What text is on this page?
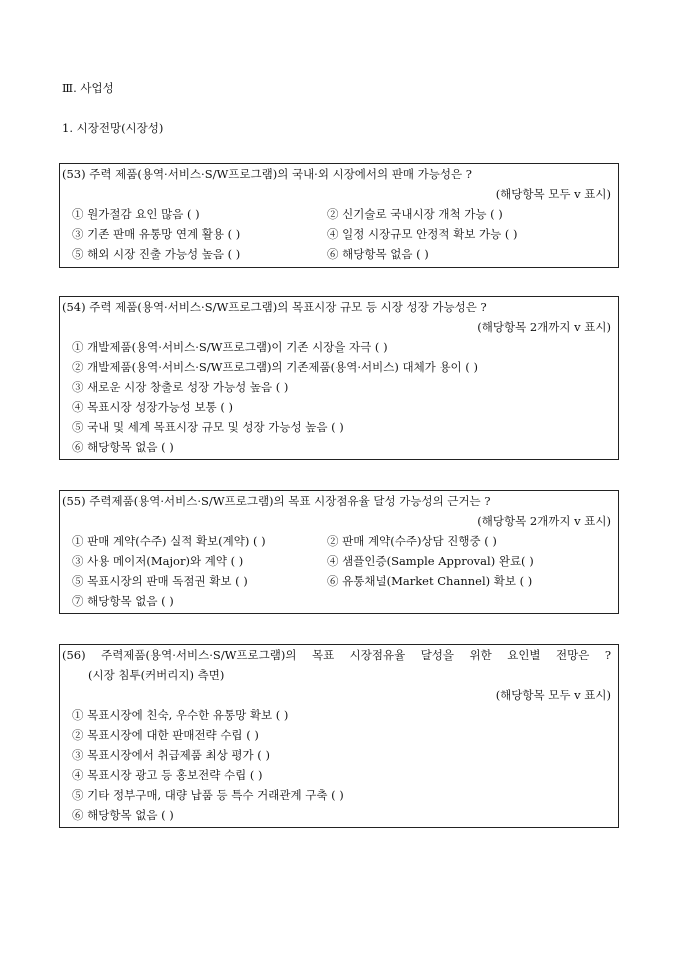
Ⅲ. 사업성
1. 시장전망(시장성)
(53) 주력 제품(용역·서비스·S/W프로그램)의 국내·외 시장에서의 판매 가능성은 ?
(해당항목 모두 v 표시)
① 원가절감 요인 많음 ( )	② 신기술로 국내시장 개척 가능 ( )
③ 기존 판매 유통망 연계 활용 ( )	④ 일정 시장규모 안정적 확보 가능 ( )
⑤ 해외 시장 진출 가능성 높음 ( )	⑥ 해당항목 없음 ( )
(54) 주력 제품(용역·서비스·S/W프로그램)의 목표시장 규모 등 시장 성장 가능성은 ?
(해당항목 2개까지 v 표시)
① 개발제품(용역·서비스·S/W프로그램)이 기존 시장을 자극 ( )
② 개발제품(용역·서비스·S/W프로그램)의 기존제품(용역·서비스) 대체가 용이 ( )
③ 새로운 시장 창출로 성장 가능성 높음 ( )
④ 목표시장 성장가능성 보통 ( )
⑤ 국내 및 세계 목표시장 규모 및 성장 가능성 높음 ( )
⑥ 해당항목 없음 ( )
(55) 주력제품(용역·서비스·S/W프로그램)의 목표 시장점유율 달성 가능성의 근거는 ?
(해당항목 2개까지 v 표시)
① 판매 계약(수주) 실적 확보(계약) ( )	② 판매 계약(수주)상담 진행중 ( )
③ 사용 메이저(Major)와 계약 ( )	④ 샘플인증(Sample Approval) 완료( )
⑤ 목표시장의 판매 독점권 확보 ( )	⑥ 유통채널(Market Channel) 확보 ( )
⑦ 해당항목 없음 ( )
(56) 주력제품(용역·서비스·S/W프로그램)의 목표 시장점유율 달성을 위한 요인별 전망은 ?
(시장 침투(커버리지) 측면)
(해당항목 모두 v 표시)
① 목표시장에 친숙, 우수한 유통망 확보 ( )
② 목표시장에 대한 판매전략 수립 ( )
③ 목표시장에서 취급제품 최상 평가 ( )
④ 목표시장 광고 등 홍보전략 수립 ( )
⑤ 기타 정부구매, 대량 납품 등 특수 거래관계 구축 ( )
⑥ 해당항목 없음 ( )
